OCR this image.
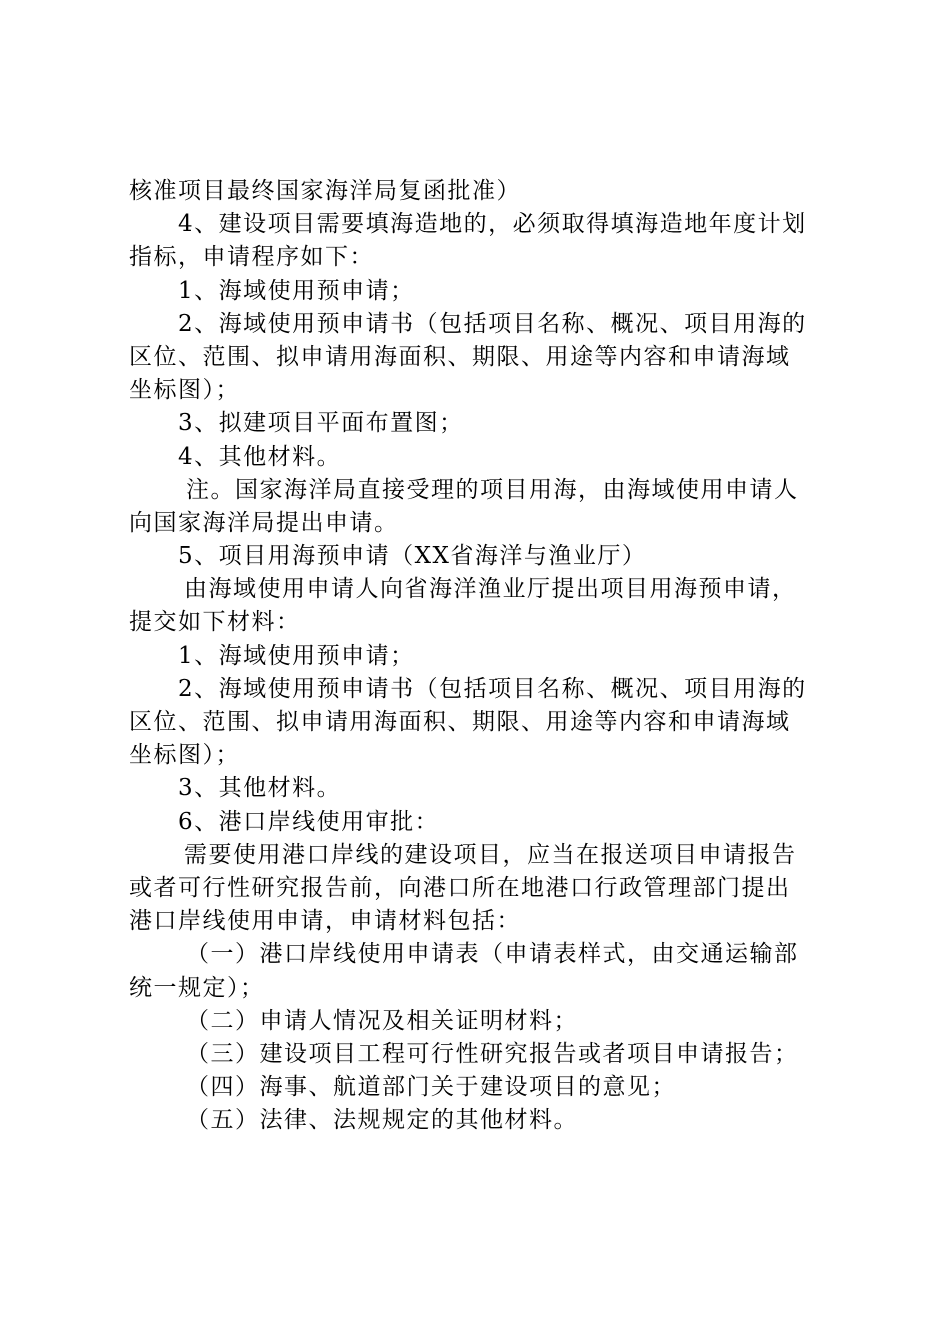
核准项目最终国家海洋局复函批准）
4、建设项目需要填海造地的，必须取得填海造地年度计划
指标，申请程序如下：
1、海域使用预申请；
2、海域使用预申请书（包括项目名称、概况、项目用海的
区位、范围、拟申请用海面积、期限、用途等内容和申请海域
坐标图）；
3、拟建项目平面布置图；
4、其他材料。
注。国家海洋局直接受理的项目用海，由海域使用申请人
向国家海洋局提出申请。
5、项目用海预申请（XX省海洋与渔业厅）
由海域使用申请人向省海洋渔业厅提出项目用海预申请，
提交如下材料：
1、海域使用预申请；
2、海域使用预申请书（包括项目名称、概况、项目用海的
区位、范围、拟申请用海面积、期限、用途等内容和申请海域
坐标图）；
3、其他材料。
6、港口岸线使用审批：
需要使用港口岸线的建设项目，应当在报送项目申请报告
或者可行性研究报告前，向港口所在地港口行政管理部门提出
港口岸线使用申请，申请材料包括：
（一）港口岸线使用申请表（申请表样式，由交通运输部
统一规定）；
（二）申请人情况及相关证明材料；
（三）建设项目工程可行性研究报告或者项目申请报告；
（四）海事、航道部门关于建设项目的意见；
（五）法律、法规规定的其他材料。
